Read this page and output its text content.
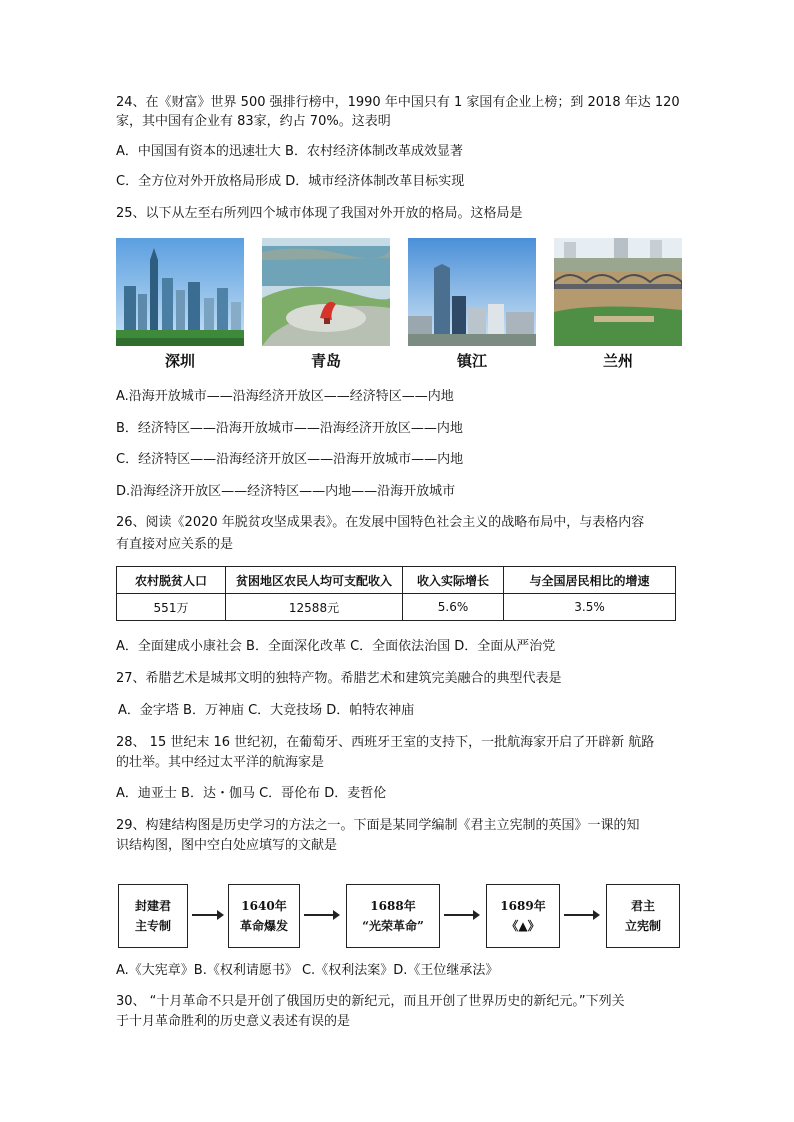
24、在《财富》世界 500 强排行榜中，1990 年中国只有 1 家国有企业上榜；到 2018 年达 120
家，其中国有企业有 83家，约占 70%。这表明
A．中国国有资本的迅速壮大 B．农村经济体制改革成效显著
C．全方位对外开放格局形成 D．城市经济体制改革目标实现
25、以下从左至右所列四个城市体现了我国对外开放的格局。这格局是
深圳	青岛	镇江	兰州
A.沿海开放城市——沿海经济开放区——经济特区——内地
B．经济特区——沿海开放城市——沿海经济开放区——内地
C．经济特区——沿海经济开放区——沿海开放城市——内地
D.沿海经济开放区——经济特区——内地——沿海开放城市
26、阅读《2020 年脱贫攻坚成果表》。在发展中国特色社会主义的战略布局中，与表格内容
有直接对应关系的是
农村脱贫人口	贫困地区农民人均可支配收入	收入实际增长	与全国居民相比的增速
551万	12588元	5.6%	3.5%
A．全面建成小康社会 B．全面深化改革 C．全面依法治国 D．全面从严治党
27、希腊艺术是城邦文明的独特产物。希腊艺术和建筑完美融合的典型代表是
A．金字塔 B．万神庙 C．大竞技场 D．帕特农神庙
28、 15 世纪末 16 世纪初，在葡萄牙、西班牙王室的支持下，一批航海家开启了开辟新 航路
的壮举。其中经过太平洋的航海家是
A．迪亚士 B．达・伽马 C．哥伦布 D．麦哲伦
29、构建结构图是历史学习的方法之一。下面是某同学编制《君主立宪制的英国》一课的知
识结构图，图中空白处应填写的文献是
封建君
主专制
1640年
革命爆发
1688年
“光荣革命”
1689年
《▲》
君主
立宪制
A.《大宪章》B.《权利请愿书》 C.《权利法案》D.《王位继承法》
30、 “十月革命不只是开创了俄国历史的新纪元，而且开创了世界历史的新纪元。”下列关
于十月革命胜利的历史意义表述有误的是
